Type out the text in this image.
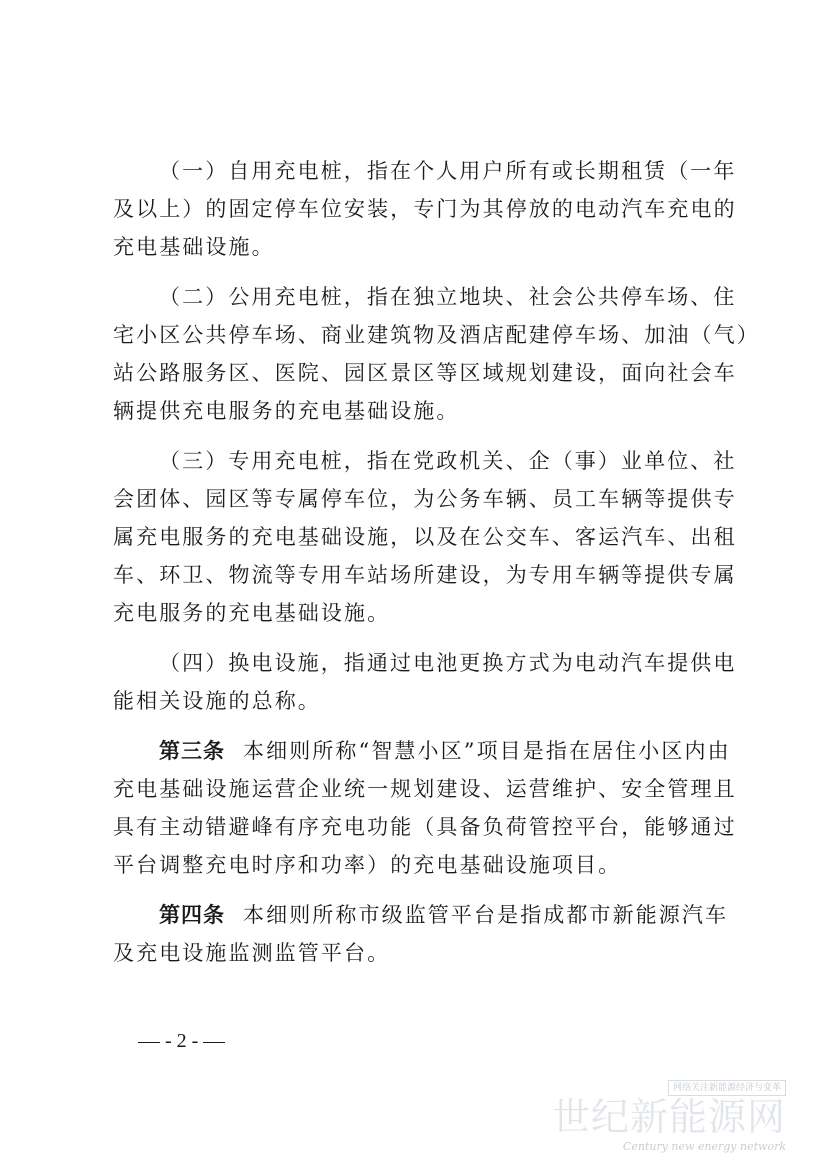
（一）自用充电桩，指在个人用户所有或长期租赁（一年
及以上）的固定停车位安装，专门为其停放的电动汽车充电的
充电基础设施。

（二）公用充电桩，指在独立地块、社会公共停车场、住
宅小区公共停车场、商业建筑物及酒店配建停车场、加油（气）
站公路服务区、医院、园区景区等区域规划建设，面向社会车
辆提供充电服务的充电基础设施。

（三）专用充电桩，指在党政机关、企（事）业单位、社
会团体、园区等专属停车位，为公务车辆、员工车辆等提供专
属充电服务的充电基础设施，以及在公交车、客运汽车、出租
车、环卫、物流等专用车站场所建设，为专用车辆等提供专属
充电服务的充电基础设施。

（四）换电设施，指通过电池更换方式为电动汽车提供电
能相关设施的总称。

第三条 本细则所称“智慧小区”项目是指在居住小区内由
充电基础设施运营企业统一规划建设、运营维护、安全管理且
具有主动错避峰有序充电功能（具备负荷管控平台，能够通过
平台调整充电时序和功率）的充电基础设施项目。

第四条 本细则所称市级监管平台是指成都市新能源汽车
及充电设施监测监管平台。

- 2 -
网络关注新能源经济与变革
世纪新能源网
Century new energy network
